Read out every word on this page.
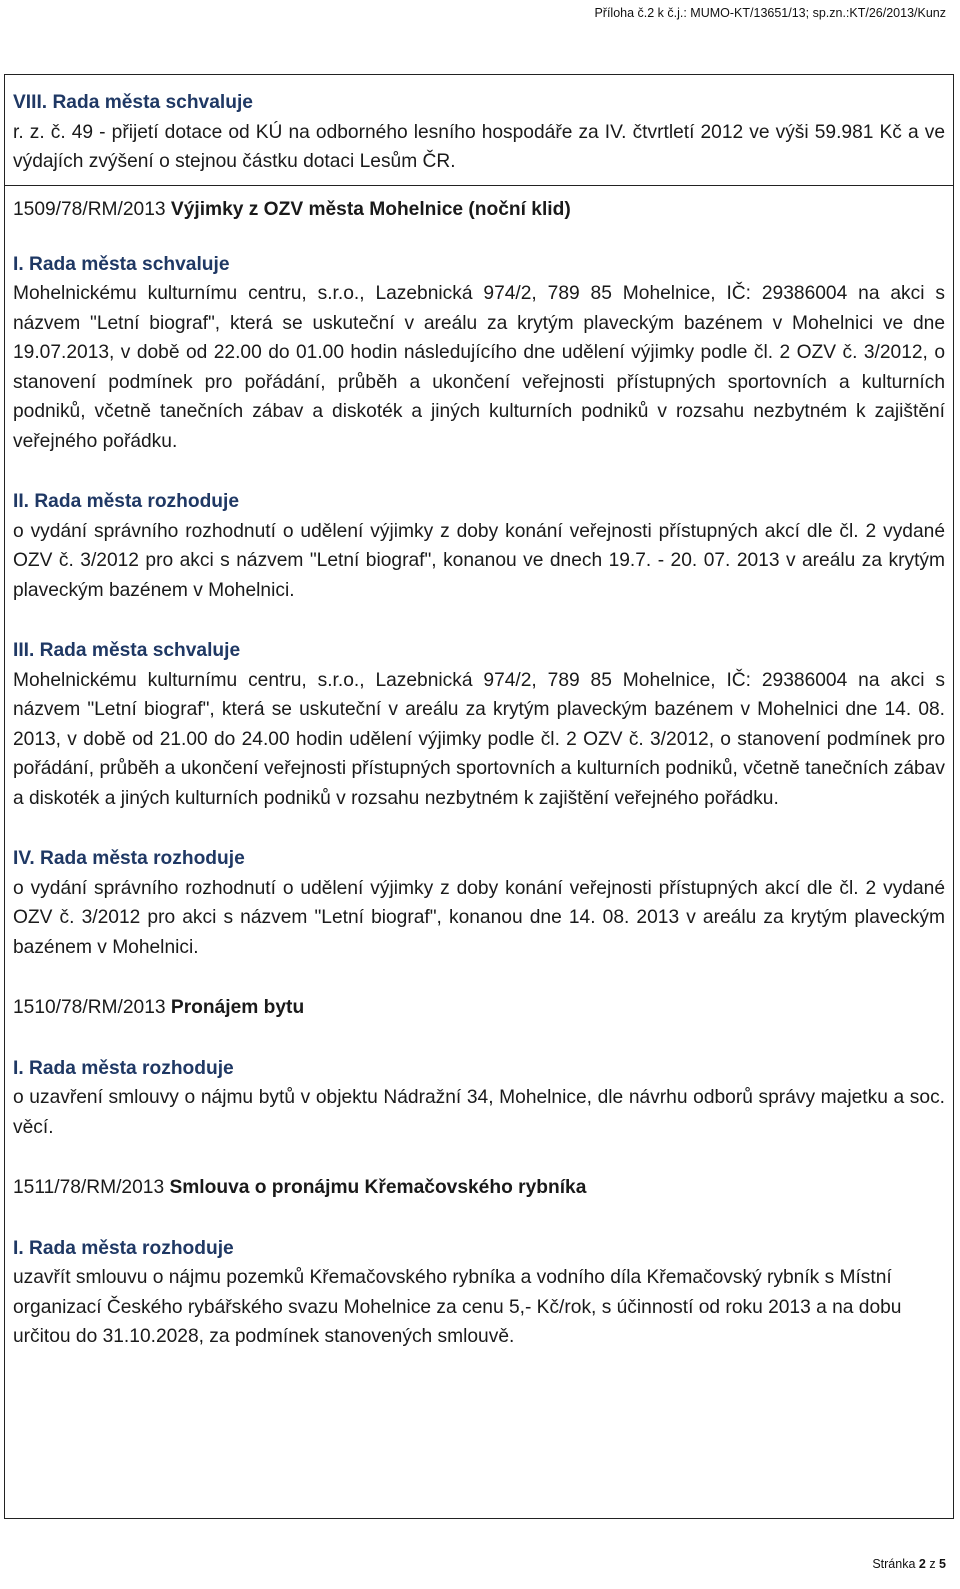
Příloha č.2 k č.j.: MUMO-KT/13651/13; sp.zn.:KT/26/2013/Kunz

VIII. Rada města schvaluje

r. z. č. 49 - přijetí dotace od KÚ na odborného lesního hospodáře za IV. čtvrtletí 2012 ve výši 59.981 Kč a ve výdajích zvýšení o stejnou částku dotaci Lesům ČR.

1509/78/RM/2013 Výjimky z OZV města Mohelnice (noční klid)

I. Rada města schvaluje

Mohelnickému kulturnímu centru, s.r.o., Lazebnická 974/2, 789 85 Mohelnice, IČ: 29386004 na akci s názvem "Letní biograf", která se uskuteční v areálu za krytým plaveckým bazénem v Mohelnici ve dne 19.07.2013, v době od 22.00 do 01.00 hodin následujícího dne udělení výjimky podle čl. 2 OZV č. 3/2012, o stanovení podmínek pro pořádání, průběh a ukončení veřejnosti přístupných sportovních a kulturních podniků, včetně tanečních zábav a diskoték a jiných kulturních podniků v rozsahu nezbytném k zajištění veřejného pořádku.

II. Rada města rozhoduje

o vydání správního rozhodnutí o udělení výjimky z doby konání veřejnosti přístupných akcí dle čl. 2 vydané OZV č. 3/2012 pro akci s názvem "Letní biograf", konanou ve dnech 19.7. - 20. 07. 2013 v areálu za krytým plaveckým bazénem v Mohelnici.

III. Rada města schvaluje

Mohelnickému kulturnímu centru, s.r.o., Lazebnická 974/2, 789 85 Mohelnice, IČ: 29386004 na akci s názvem "Letní biograf", která se uskuteční v areálu za krytým plaveckým bazénem v Mohelnici dne 14. 08. 2013, v době od 21.00 do 24.00 hodin udělení výjimky podle čl. 2 OZV č. 3/2012, o stanovení podmínek pro pořádání, průběh a ukončení veřejnosti přístupných sportovních a kulturních podniků, včetně tanečních zábav a diskoték a jiných kulturních podniků v rozsahu nezbytném k zajištění veřejného pořádku.

IV. Rada města rozhoduje

o vydání správního rozhodnutí o udělení výjimky z doby konání veřejnosti přístupných akcí dle čl. 2 vydané OZV č. 3/2012 pro akci s názvem "Letní biograf", konanou dne 14. 08. 2013 v areálu za krytým plaveckým bazénem v Mohelnici.

1510/78/RM/2013 Pronájem bytu

I. Rada města rozhoduje

o uzavření smlouvy o nájmu bytů v objektu Nádražní 34, Mohelnice, dle návrhu odborů správy majetku a soc. věcí.

1511/78/RM/2013 Smlouva o pronájmu Křemačovského rybníka

I. Rada města rozhoduje

uzavřít smlouvu o nájmu pozemků Křemačovského rybníka a vodního díla Křemačovský rybník s Místní organizací Českého rybářského svazu Mohelnice za cenu 5,- Kč/rok, s účinností od roku 2013 a na dobu určitou do 31.10.2028, za podmínek stanovených smlouvě.

Stránka 2 z 5
